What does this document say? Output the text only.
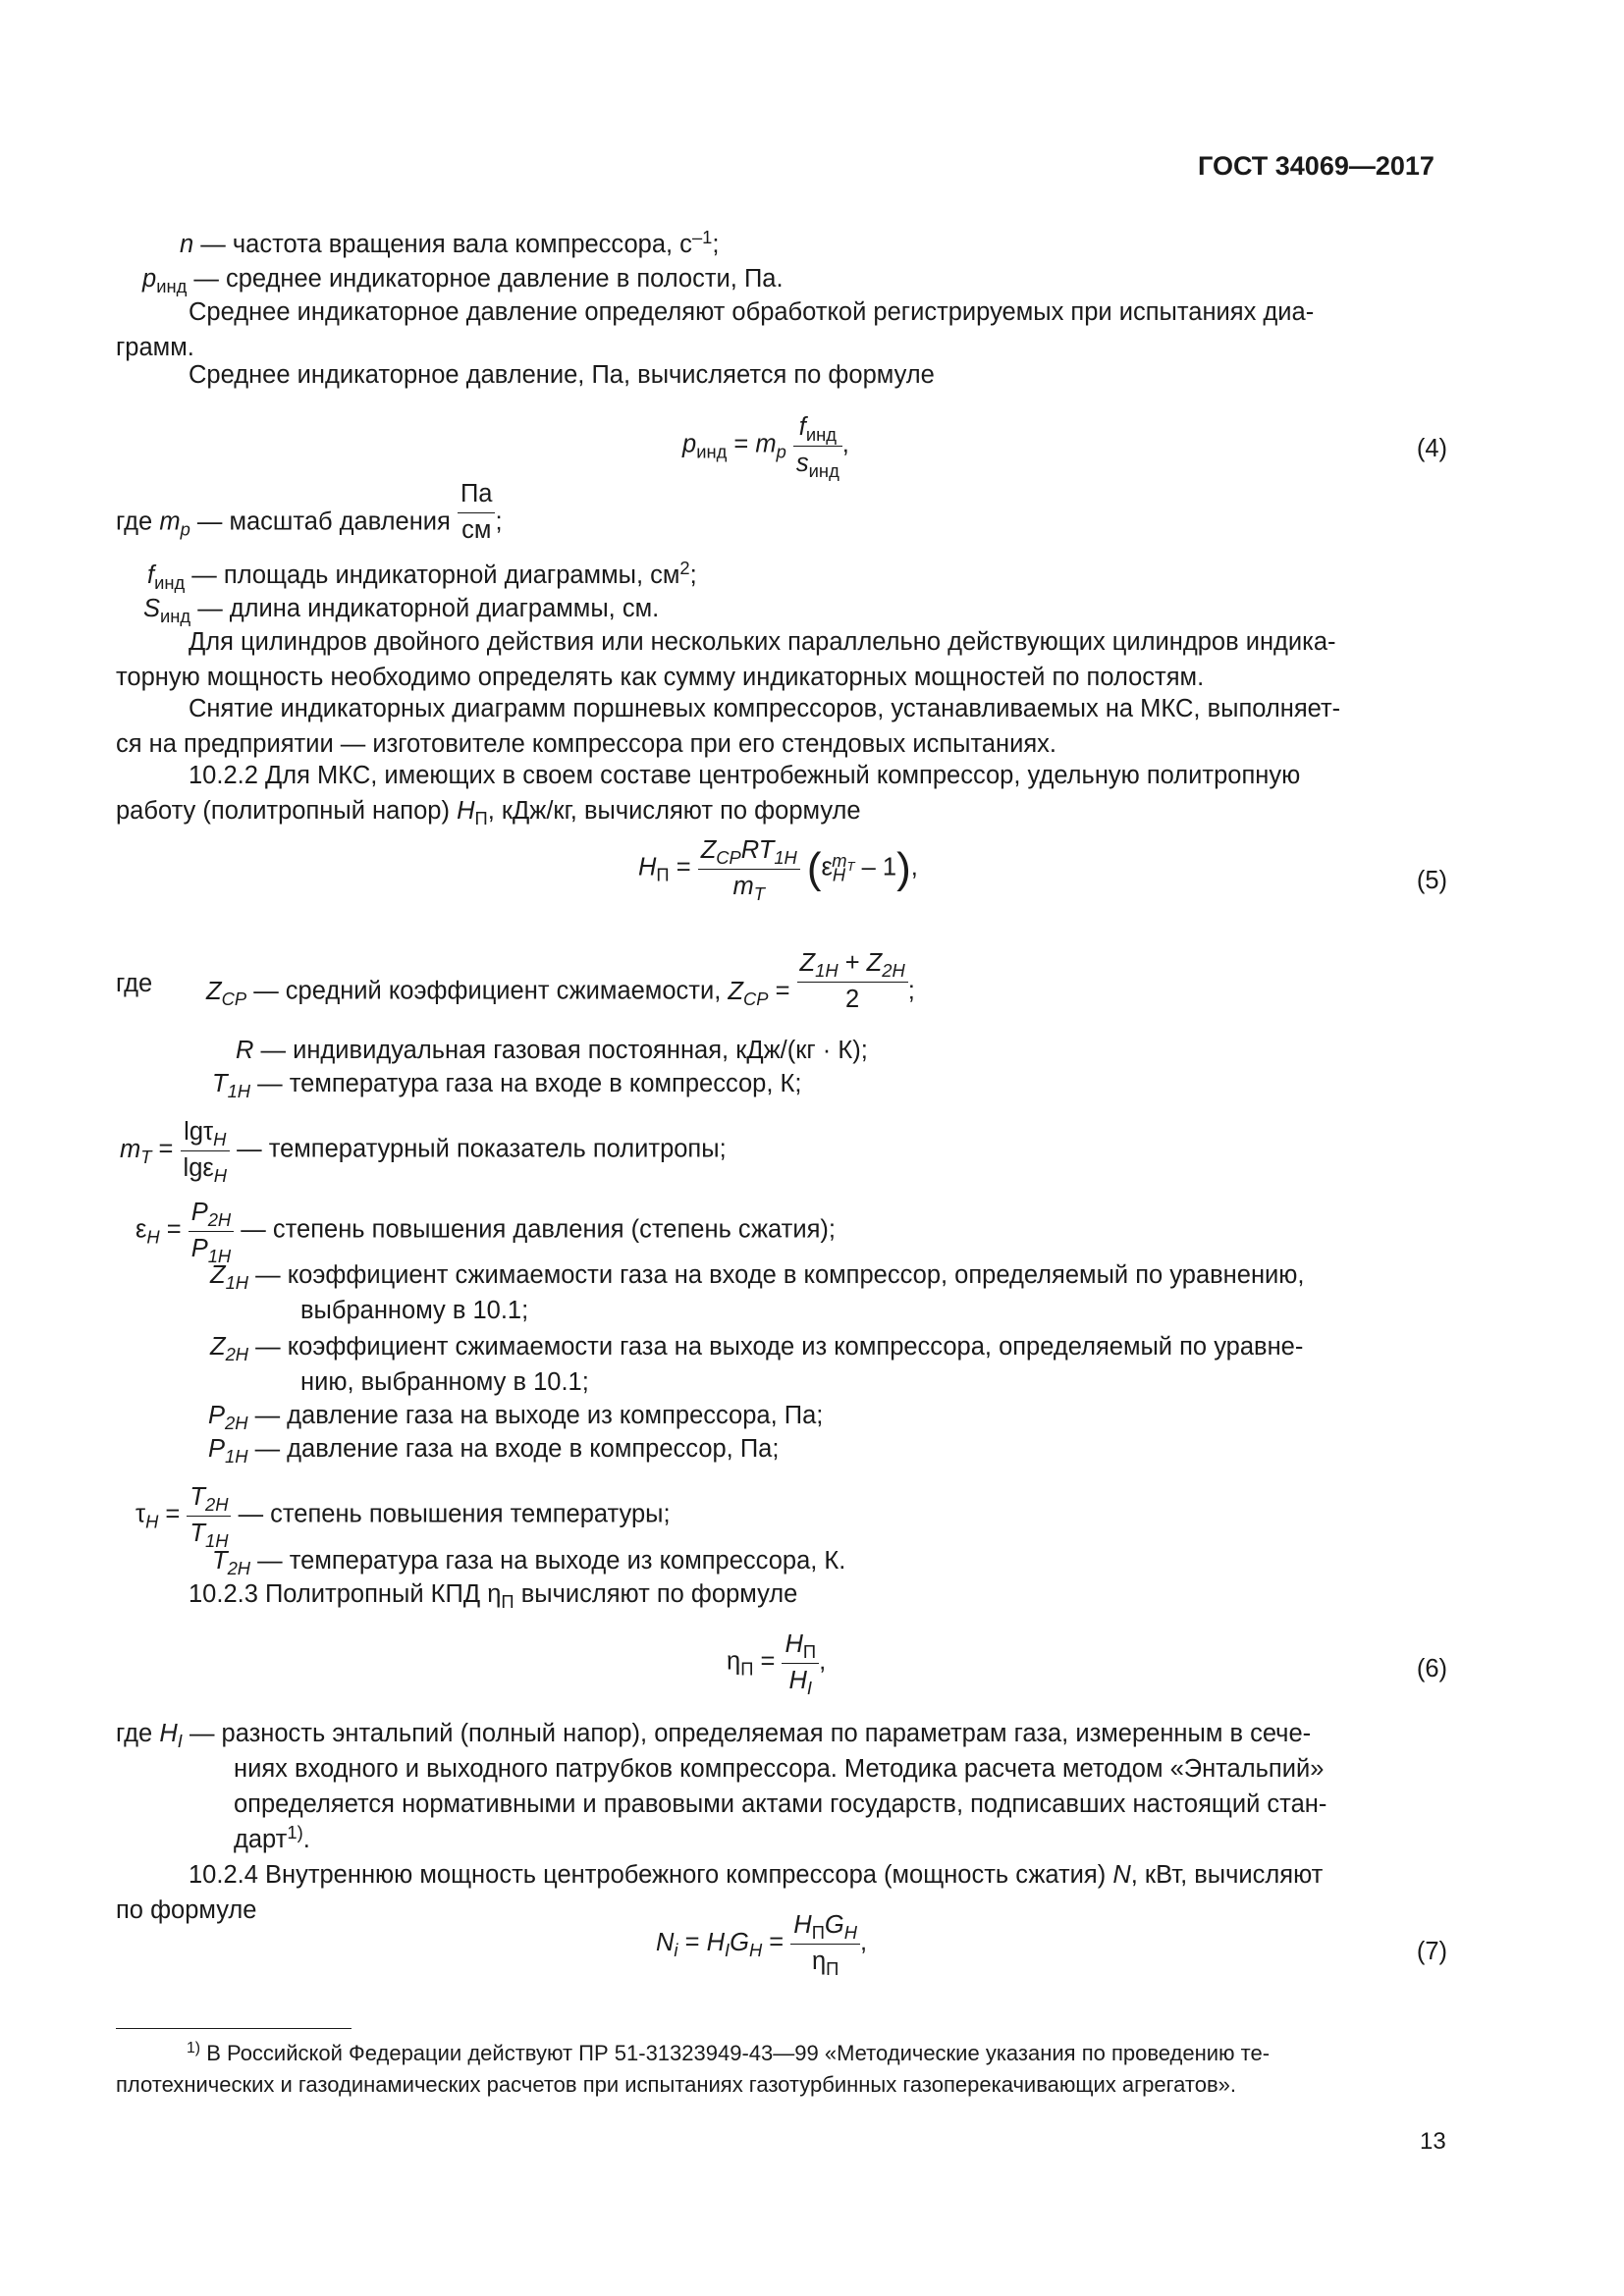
ГОСТ 34069—2017
n — частота вращения вала компрессора, $с^{-1}$;
$p_{инд}$ — среднее индикаторное давление в полости, Па.
Среднее индикаторное давление определяют обработкой регистрируемых при испытаниях диа-
грамм.
Среднее индикаторное давление, Па, вычисляется по формуле
$p_{инд} = m_p \frac{f_{инд}}{s_{инд}}$ ,	(4)
где $m_p$ — масштаб давления $\frac{Па}{см}$ ;
$f_{инд}$ — площадь индикаторной диаграммы, $см^2$;
$S_{инд}$ — длина индикаторной диаграммы, см.
Для цилиндров двойного действия или нескольких параллельно действующих цилиндров индика-
торную мощность необходимо определять как сумму индикаторных мощностей по полостям.
Снятие индикаторных диаграмм поршневых компрессоров, устанавливаемых на МКС, выполняет-
ся на предприятии — изготовителе компрессора при его стендовых испытаниях.
10.2.2 Для МКС, имеющих в своем составе центробежный компрессор, удельную политропную
работу (политропный напор) $H_П$, кДж/кг, вычисляют по формуле
$H_П = \frac{Z_{CP}RT_{1H}}{m_T} (\varepsilon_H^{m_T} - 1)$,	(5)
где $Z_{CP}$ — средний коэффициент сжимаемости, $Z_{CP} = \frac{Z_{1H} + Z_{2H}}{2}$ ;
R — индивидуальная газовая постоянная, кДж/(кг · К);
$T_{1H}$ — температура газа на входе в компрессор, К;
$m_T = \frac{\lg\tau_H}{\lg\varepsilon_H}$ — температурный показатель политропы;
$\varepsilon_H = \frac{P_{2H}}{P_{1H}}$ — степень повышения давления (степень сжатия);
$Z_{1H}$ — коэффициент сжимаемости газа на входе в компрессор, определяемый по уравнению,
выбранному в 10.1;
$Z_{2H}$ — коэффициент сжимаемости газа на выходе из компрессора, определяемый по уравне-
нию, выбранному в 10.1;
$P_{2H}$ — давление газа на выходе из компрессора, Па;
$P_{1H}$ — давление газа на входе в компрессор, Па;
$\tau_H = \frac{T_{2H}}{T_{1H}}$ — степень повышения температуры;
$T_{2H}$ — температура газа на выходе из компрессора, К.
10.2.3 Политропный КПД $\eta_П$ вычисляют по формуле
$\eta_П = \frac{H_П}{H_I}$ ,	(6)
где $H_I$ — разность энтальпий (полный напор), определяемая по параметрам газа, измеренным в сече-
ниях входного и выходного патрубков компрессора. Методика расчета методом «Энтальпий»
определяется нормативными и правовыми актами государств, подписавших настоящий стан-
дарт$^{1)}$.
10.2.4 Внутреннюю мощность центробежного компрессора (мощность сжатия) N, кВт, вычисляют
по формуле
$N_i = H_IG_H = \frac{H_ПG_H}{\eta_П}$ ,	(7)
$^{1)}$ В Российской Федерации действуют ПР 51-31323949-43—99 «Методические указания по проведению те-
плотехнических и газодинамических расчетов при испытаниях газотурбинных газоперекачивающих агрегатов».
13
